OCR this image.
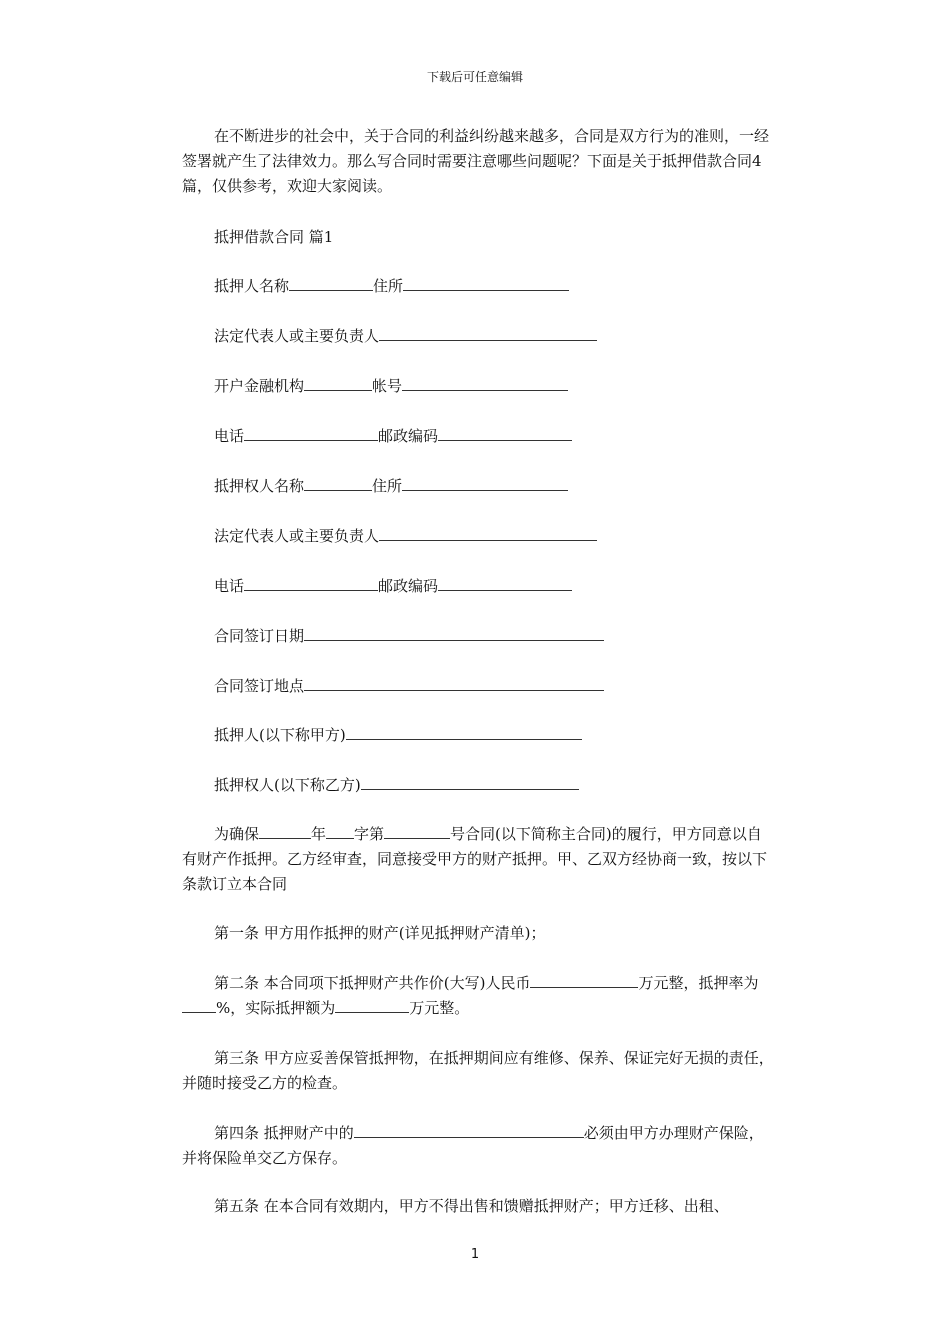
下载后可任意编辑

在不断进步的社会中，关于合同的利益纠纷越来越多，合同是双方行为的准则，一经签署就产生了法律效力。那么写合同时需要注意哪些问题呢？下面是关于抵押借款合同4篇，仅供参考，欢迎大家阅读。

抵押借款合同 篇1
抵押人名称	住所
法定代表人或主要负责人
开户金融机构	帐号
电话	邮政编码
抵押权人名称	住所
法定代表人或主要负责人
电话	邮政编码
合同签订日期
合同签订地点
抵押人(以下称甲方)
抵押权人(以下称乙方)

为确保	年 字第	号合同(以下简称主合同)的履行，甲方同意以自有财产作抵押。乙方经审查，同意接受甲方的财产抵押。甲、乙双方经协商一致，按以下条款订立本合同

第一条 甲方用作抵押的财产(详见抵押财产清单)；

第二条 本合同项下抵押财产共作价(大写)人民币	万元整，抵押率为%，实际抵押额为	万元整。

第三条 甲方应妥善保管抵押物，在抵押期间应有维修、保养、保证完好无损的责任，并随时接受乙方的检查。

第四条 抵押财产中的	必须由甲方办理财产保险，并将保险单交乙方保存。

第五条 在本合同有效期内，甲方不得出售和馈赠抵押财产；甲方迁移、出租、
1
